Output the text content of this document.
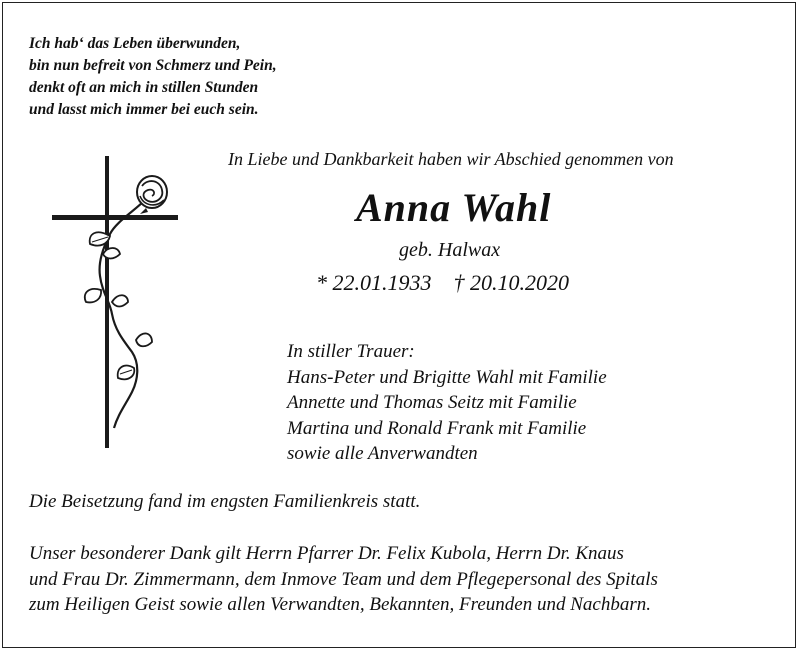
Ich hab‘ das Leben überwunden,
bin nun befreit von Schmerz und Pein,
denkt oft an mich in stillen Stunden
und lasst mich immer bei euch sein.
In Liebe und Dankbarkeit haben wir Abschied genommen von
Anna Wahl
geb. Halwax
* 22.01.1933 † 20.10.2020
In stiller Trauer:
Hans-Peter und Brigitte Wahl mit Familie
Annette und Thomas Seitz mit Familie
Martina und Ronald Frank mit Familie
sowie alle Anverwandten
Die Beisetzung fand im engsten Familienkreis statt.
Unser besonderer Dank gilt Herrn Pfarrer Dr. Felix Kubola, Herrn Dr. Knaus
und Frau Dr. Zimmermann, dem Inmove Team und dem Pflegepersonal des Spitals
zum Heiligen Geist sowie allen Verwandten, Bekannten, Freunden und Nachbarn.
